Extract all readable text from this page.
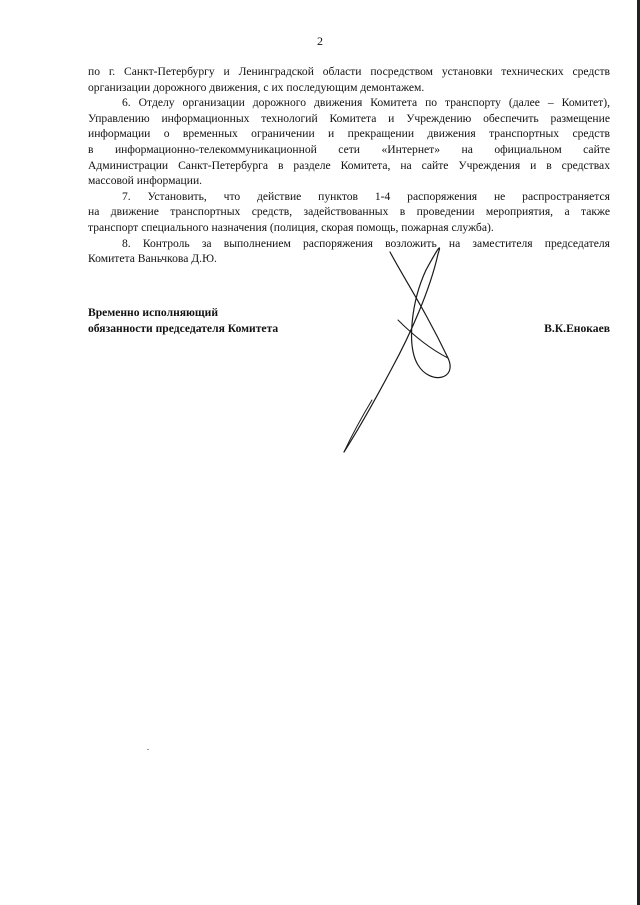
2

по г. Санкт-Петербургу и Ленинградской области посредством установки технических средств
организации дорожного движения, с их последующим демонтажем.

6. Отделу организации дорожного движения Комитета по транспорту (далее – Комитет),
Управлению информационных технологий Комитета и Учреждению обеспечить размещение
информации о временных ограничении и прекращении движения транспортных средств
в информационно-телекоммуникационной сети «Интернет» на официальном сайте
Администрации Санкт-Петербурга в разделе Комитета, на сайте Учреждения и в средствах
массовой информации.

7. Установить, что действие пунктов 1-4 распоряжения не распространяется
на движение транспортных средств, задействованных в проведении мероприятия, а также
транспорт специального назначения (полиция, скорая помощь, пожарная служба).

8. Контроль за выполнением распоряжения возложить на заместителя председателя
Комитета Ваньчкова Д.Ю.

Временно исполняющий
обязанности председателя Комитета	В.К.Енокаев
